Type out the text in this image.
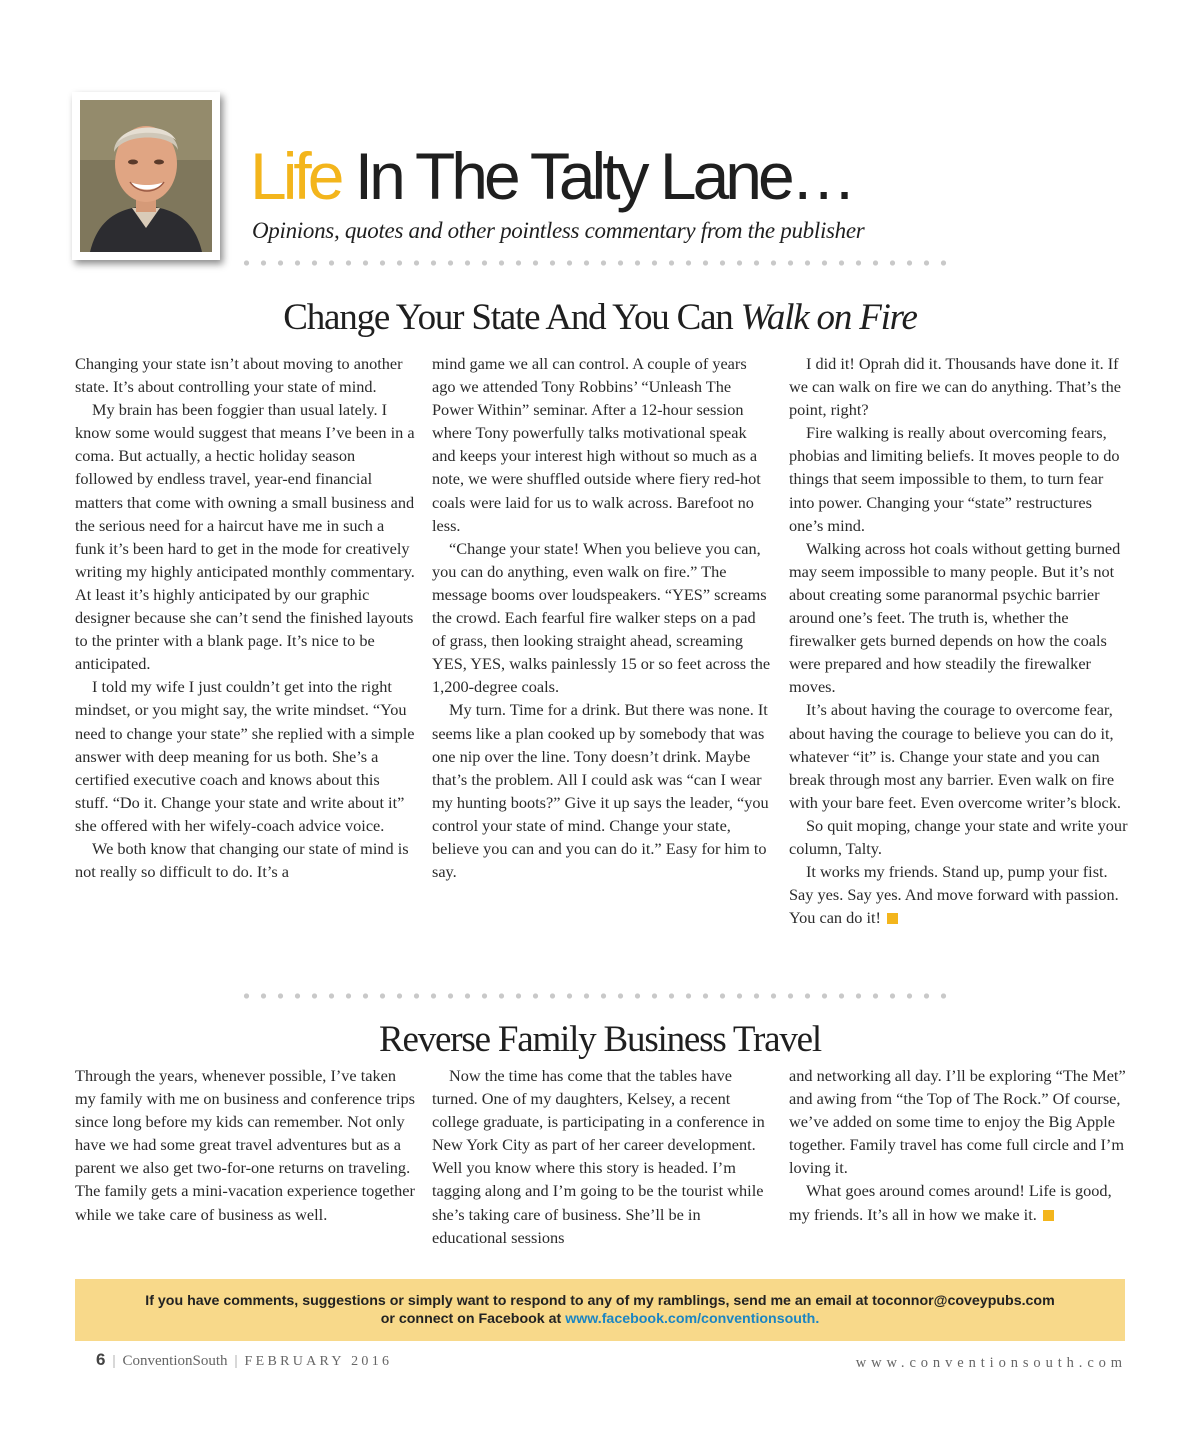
Life In The Talty Lane…

Opinions, quotes and other pointless commentary from the publisher

Change Your State And You Can Walk on Fire

Changing your state isn’t about moving to another state. It’s about controlling your state of mind.

My brain has been foggier than usual lately. I know some would suggest that means I’ve been in a coma. But actually, a hectic holiday season followed by endless travel, year-end financial matters that come with owning a small business and the serious need for a haircut have me in such a funk it’s been hard to get in the mode for creatively writing my highly anticipated monthly commentary. At least it’s highly anticipated by our graphic designer because she can’t send the finished layouts to the printer with a blank page. It’s nice to be anticipated.

I told my wife I just couldn’t get into the right mindset, or you might say, the write mindset. “You need to change your state” she replied with a simple answer with deep meaning for us both. She’s a certified executive coach and knows about this stuff. “Do it. Change your state and write about it” she offered with her wifely-coach advice voice.

We both know that changing our state of mind is not really so difficult to do. It’s a

mind game we all can control. A couple of years ago we attended Tony Robbins’ “Unleash The Power Within” seminar. After a 12-hour session where Tony powerfully talks motivational speak and keeps your interest high without so much as a note, we were shuffled outside where fiery red-hot coals were laid for us to walk across. Barefoot no less.

“Change your state! When you believe you can, you can do anything, even walk on fire.” The message booms over loudspeakers. “YES” screams the crowd. Each fearful fire walker steps on a pad of grass, then looking straight ahead, screaming YES, YES, walks painlessly 15 or so feet across the 1,200-degree coals.

My turn. Time for a drink. But there was none. It seems like a plan cooked up by somebody that was one nip over the line. Tony doesn’t drink. Maybe that’s the problem. All I could ask was “can I wear my hunting boots?” Give it up says the leader, “you control your state of mind. Change your state, believe you can and you can do it.” Easy for him to say.

I did it! Oprah did it. Thousands have done it. If we can walk on fire we can do anything. That’s the point, right?

Fire walking is really about overcoming fears, phobias and limiting beliefs. It moves people to do things that seem impossible to them, to turn fear into power. Changing your “state” restructures one’s mind.

Walking across hot coals without getting burned may seem impossible to many people. But it’s not about creating some paranormal psychic barrier around one’s feet. The truth is, whether the firewalker gets burned depends on how the coals were prepared and how steadily the firewalker moves.

It’s about having the courage to overcome fear, about having the courage to believe you can do it, whatever “it” is. Change your state and you can break through most any barrier. Even walk on fire with your bare feet. Even overcome writer’s block.

So quit moping, change your state and write your column, Talty.

It works my friends. Stand up, pump your fist. Say yes. Say yes. And move forward with passion. You can do it!

Reverse Family Business Travel

Through the years, whenever possible, I’ve taken my family with me on business and conference trips since long before my kids can remember. Not only have we had some great travel adventures but as a parent we also get two-for-one returns on traveling. The family gets a mini-vacation experience together while we take care of business as well.

Now the time has come that the tables have turned. One of my daughters, Kelsey, a recent college graduate, is participating in a conference in New York City as part of her career development. Well you know where this story is headed. I’m tagging along and I’m going to be the tourist while she’s taking care of business. She’ll be in educational sessions

and networking all day. I’ll be exploring “The Met” and awing from “the Top of The Rock.” Of course, we’ve added on some time to enjoy the Big Apple together. Family travel has come full circle and I’m loving it.

What goes around comes around! Life is good, my friends. It’s all in how we make it.

If you have comments, suggestions or simply want to respond to any of my ramblings, send me an email at toconnor@coveypubs.com
or connect on Facebook at www.facebook.com/conventionsouth.
6 | ConventionSouth | FEBRUARY 2016	www.conventionsouth.com
